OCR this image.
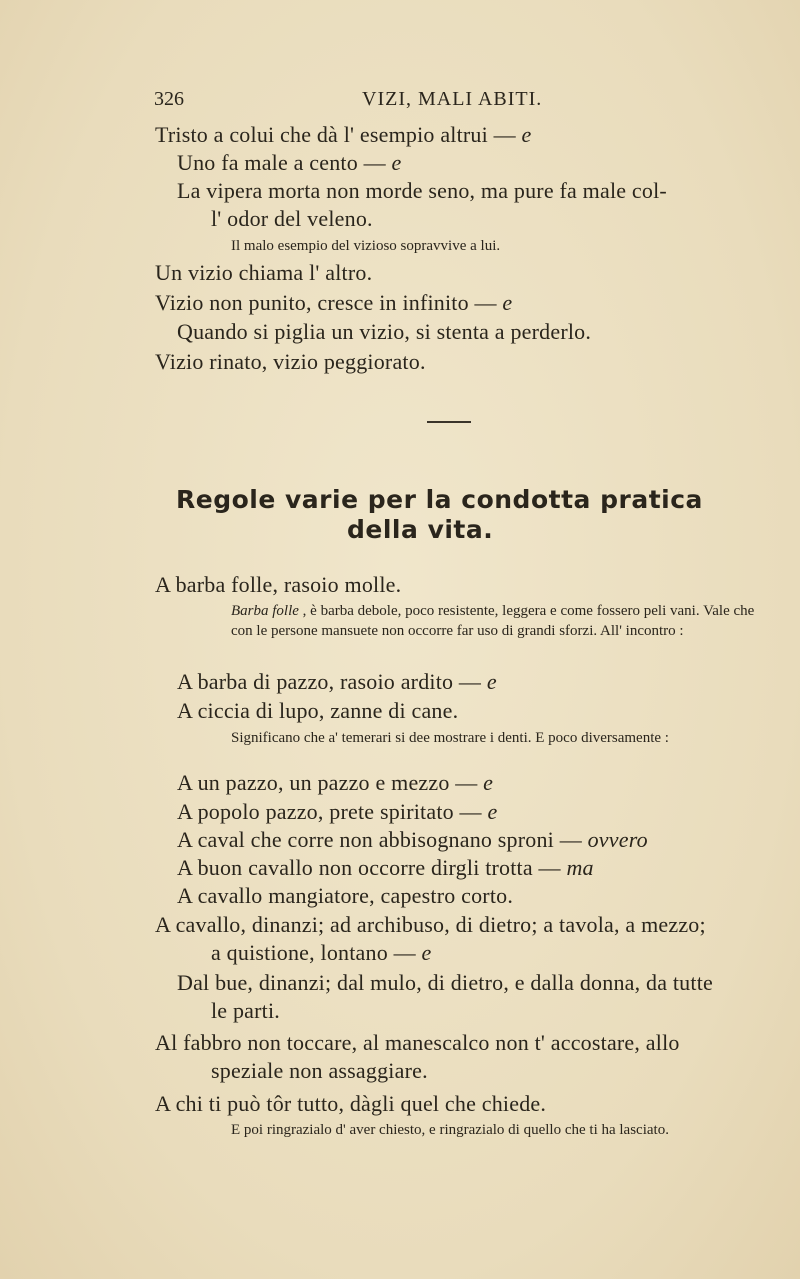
326	VIZI, MALI ABITI.
Tristo a colui che dà l' esempio altrui — e
Uno fa male a cento — e
La vipera morta non morde seno, ma pure fa male col-
l' odor del veleno.
Il malo esempio del vizioso sopravvive a lui.
Un vizio chiama l' altro.
Vizio non punito, cresce in infinito — e
Quando si piglia un vizio, si stenta a perderlo.
Vizio rinato, vizio peggiorato.
Regole varie per la condotta pratica
della vita.
A barba folle, rasoio molle.
Barba folle , è barba debole, poco resistente, leggera e come fossero peli vani. Vale che con le persone mansuete non occorre far uso di grandi sforzi. All' incontro :
A barba di pazzo, rasoio ardito — e
A ciccia di lupo, zanne di cane.
Significano che a' temerari si dee mostrare i denti. E poco diversamente :
A un pazzo, un pazzo e mezzo — e
A popolo pazzo, prete spiritato — e
A caval che corre non abbisognano sproni — ovvero
A buon cavallo non occorre dirgli trotta — ma
A cavallo mangiatore, capestro corto.
A cavallo, dinanzi; ad archibuso, di dietro; a tavola, a mezzo;
a quistione, lontano — e
Dal bue, dinanzi; dal mulo, di dietro, e dalla donna, da tutte
le parti.
Al fabbro non toccare, al manescalco non t' accostare, allo
speziale non assaggiare.
A chi ti può tôr tutto, dàgli quel che chiede.
E poi ringrazialo d' aver chiesto, e ringrazialo di quello che ti ha lasciato.
